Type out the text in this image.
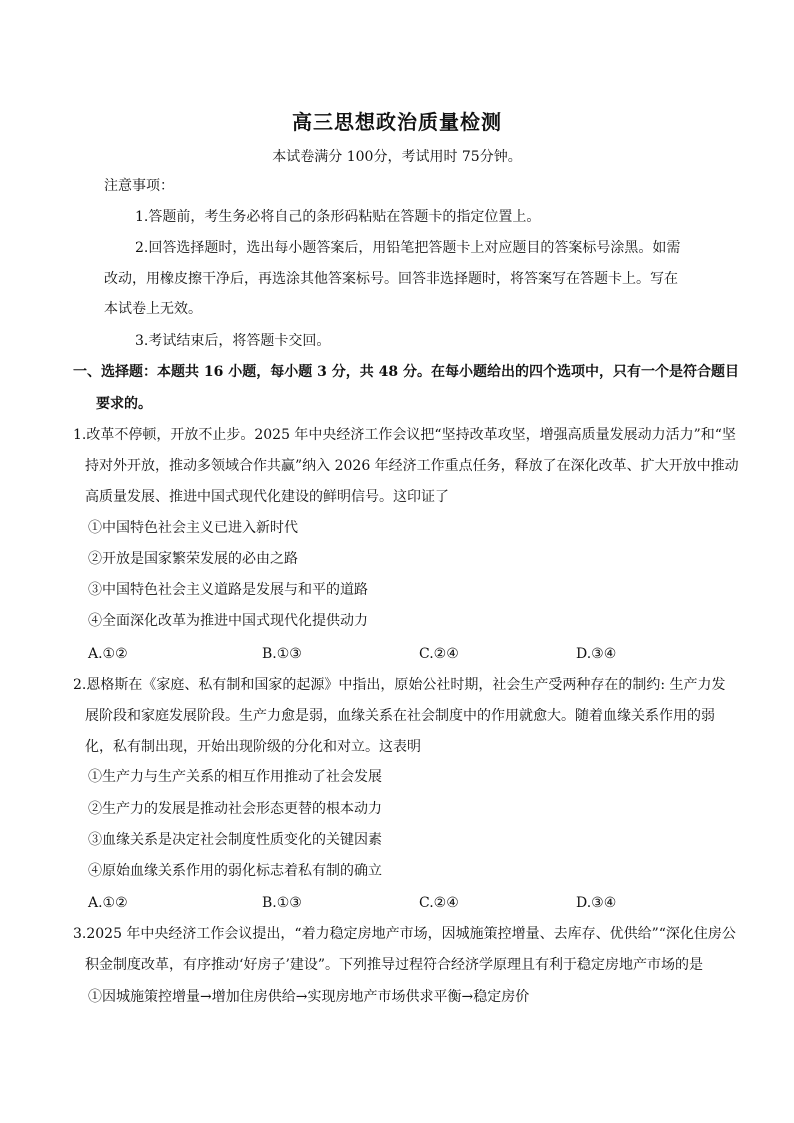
高三思想政治质量检测
本试卷满分 100分，考试用时 75分钟。
注意事项：
1.答题前，考生务必将自己的条形码粘贴在答题卡的指定位置上。
2.回答选择题时，选出每小题答案后，用铅笔把答题卡上对应题目的答案标号涂黑。如需
改动，用橡皮擦干净后，再选涂其他答案标号。回答非选择题时，将答案写在答题卡上。写在
本试卷上无效。
3.考试结束后，将答题卡交回。
一、选择题：本题共 16 小题，每小题 3 分，共 48 分。在每小题给出的四个选项中，只有一个是符合题目
要求的。
1.改革不停顿，开放不止步。2025 年中央经济工作会议把“坚持改革攻坚，增强高质量发展动力活力”和“坚
持对外开放，推动多领域合作共赢”纳入 2026 年经济工作重点任务，释放了在深化改革、扩大开放中推动
高质量发展、推进中国式现代化建设的鲜明信号。这印证了
①中国特色社会主义已进入新时代
②开放是国家繁荣发展的必由之路
③中国特色社会主义道路是发展与和平的道路
④全面深化改革为推进中国式现代化提供动力
A.①②	B.①③	C.②④	D.③④
2.恩格斯在《家庭、私有制和国家的起源》中指出，原始公社时期，社会生产受两种存在的制约: 生产力发
展阶段和家庭发展阶段。生产力愈是弱，血缘关系在社会制度中的作用就愈大。随着血缘关系作用的弱
化，私有制出现，开始出现阶级的分化和对立。这表明
①生产力与生产关系的相互作用推动了社会发展
②生产力的发展是推动社会形态更替的根本动力
③血缘关系是决定社会制度性质变化的关键因素
④原始血缘关系作用的弱化标志着私有制的确立
A.①②	B.①③	C.②④	D.③④
3.2025 年中央经济工作会议提出，“着力稳定房地产市场，因城施策控增量、去库存、优供给”“深化住房公
积金制度改革，有序推动‘好房子’建设”。下列推导过程符合经济学原理且有利于稳定房地产市场的是
①因城施策控增量→增加住房供给→实现房地产市场供求平衡→稳定房价
